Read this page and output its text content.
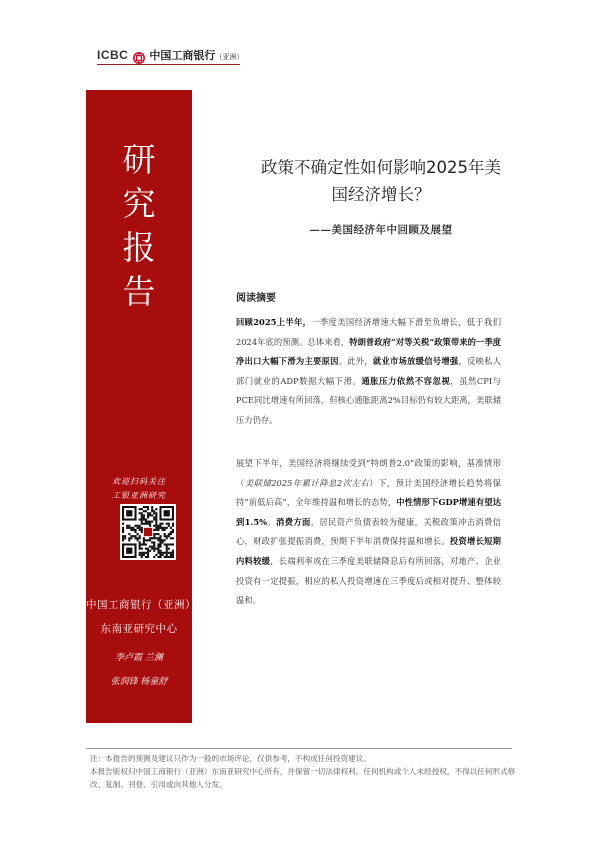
ICBC 中国工商银行（亚洲）
研
究
报
告
欢迎扫码关注
工银亚洲研究
中国工商银行（亚洲）
东南亚研究中心
李卢霞 兰澜
张润锋 杨童舒
政策不确定性如何影响2025年美
国经济增长？
——美国经济年中回顾及展望
阅读摘要
回顾2025上半年，一季度美国经济增速大幅下滑至负增长，低于我们2024年底的预测。总体来看，特朗普政府“对等关税”政策带来的一季度净出口大幅下滑为主要原因。此外，就业市场放缓信号增强，反映私人部门就业的ADP数据大幅下滑。通胀压力依然不容忽视，虽然CPI与PCE同比增速有所回落，但核心通胀距离2%目标仍有较大距离，美联储压力仍存。
展望下半年，美国经济将继续受到“特朗普2.0”政策的影响，基准情形（美联储2025年累计降息2次左右）下，预计美国经济增长趋势将保持“前低后高”，全年维持温和增长的态势，中性情形下GDP增速有望达到1.5%。消费方面，居民资产负债表较为健康，关税政策冲击消费信心，财政扩张提振消费，预期下半年消费保持温和增长。投资增长短期内料较缓，长端利率或在三季度美联储降息后有所回落，对地产、企业投资有一定提振，相应的私人投资增速在三季度后或相对提升、整体较温和。
注：本报告的预测及建议只作为一般的市场评论，仅供参考，不构成任何投资建议。
本报告版权归中国工商银行（亚洲）东南亚研究中心所有，并保留一切法律权利。任何机构或个人未经授权，不得以任何形式修改、复制、刊登、引用或向其他人分发。
